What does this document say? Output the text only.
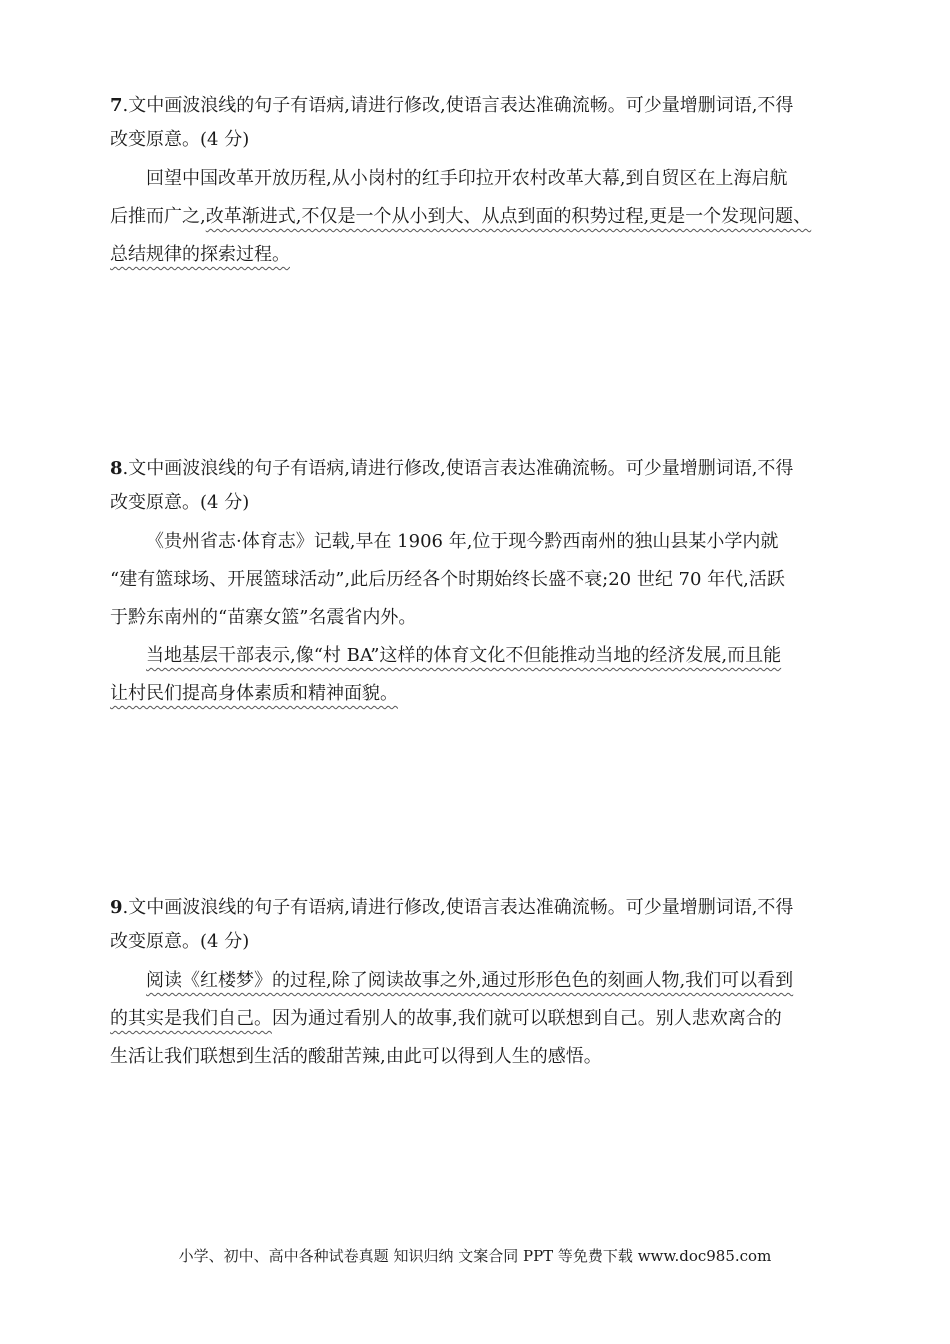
7.文中画波浪线的句子有语病,请进行修改,使语言表达准确流畅。可少量增删词语,不得
改变原意。(4 分)
回望中国改革开放历程,从小岗村的红手印拉开农村改革大幕,到自贸区在上海启航
后推而广之,改革渐进式,不仅是一个从小到大、从点到面的积势过程,更是一个发现问题、
总结规律的探索过程。
8.文中画波浪线的句子有语病,请进行修改,使语言表达准确流畅。可少量增删词语,不得
改变原意。(4 分)
《贵州省志·体育志》记载,早在 1906 年,位于现今黔西南州的独山县某小学内就
“建有篮球场、开展篮球活动”,此后历经各个时期始终长盛不衰;20 世纪 70 年代,活跃
于黔东南州的“苗寨女篮”名震省内外。
当地基层干部表示,像“村 BA”这样的体育文化不但能推动当地的经济发展,而且能
让村民们提高身体素质和精神面貌。
9.文中画波浪线的句子有语病,请进行修改,使语言表达准确流畅。可少量增删词语,不得
改变原意。(4 分)
阅读《红楼梦》的过程,除了阅读故事之外,通过形形色色的刻画人物,我们可以看到
的其实是我们自己。因为通过看别人的故事,我们就可以联想到自己。别人悲欢离合的
生活让我们联想到生活的酸甜苦辣,由此可以得到人生的感悟。
小学、初中、高中各种试卷真题 知识归纳 文案合同 PPT 等免费下载 www.doc985.com
